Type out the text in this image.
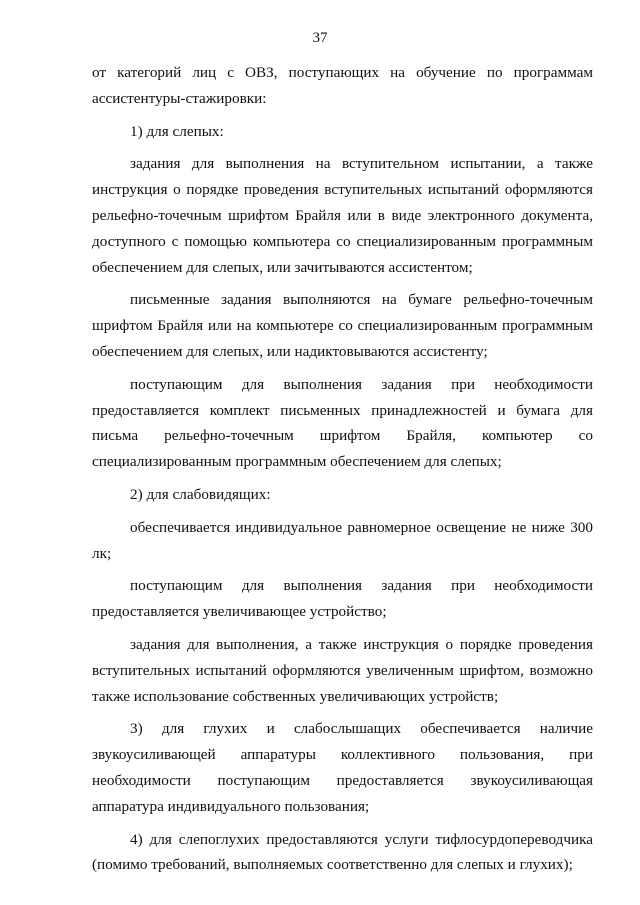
37

от категорий лиц с ОВЗ, поступающих на обучение по программам ассистентуры-стажировки:

1) для слепых:

задания для выполнения на вступительном испытании, а также инструкция о порядке проведения вступительных испытаний оформляются рельефно-точечным шрифтом Брайля или в виде электронного документа, доступного с помощью компьютера со специализированным программным обеспечением для слепых, или зачитываются ассистентом;

письменные задания выполняются на бумаге рельефно-точечным шрифтом Брайля или на компьютере со специализированным программным обеспечением для слепых, или надиктовываются ассистенту;

поступающим для выполнения задания при необходимости предоставляется комплект письменных принадлежностей и бумага для письма рельефно-точечным шрифтом Брайля, компьютер со специализированным программным обеспечением для слепых;

2) для слабовидящих:

обеспечивается индивидуальное равномерное освещение не ниже 300 лк;

поступающим для выполнения задания при необходимости предоставляется увеличивающее устройство;

задания для выполнения, а также инструкция о порядке проведения вступительных испытаний оформляются увеличенным шрифтом, возможно также использование собственных увеличивающих устройств;

3) для глухих и слабослышащих обеспечивается наличие звукоусиливающей аппаратуры коллективного пользования, при необходимости поступающим предоставляется звукоусиливающая аппаратура индивидуального пользования;

4) для слепоглухих предоставляются услуги тифлосурдопереводчика (помимо требований, выполняемых соответственно для слепых и глухих);
